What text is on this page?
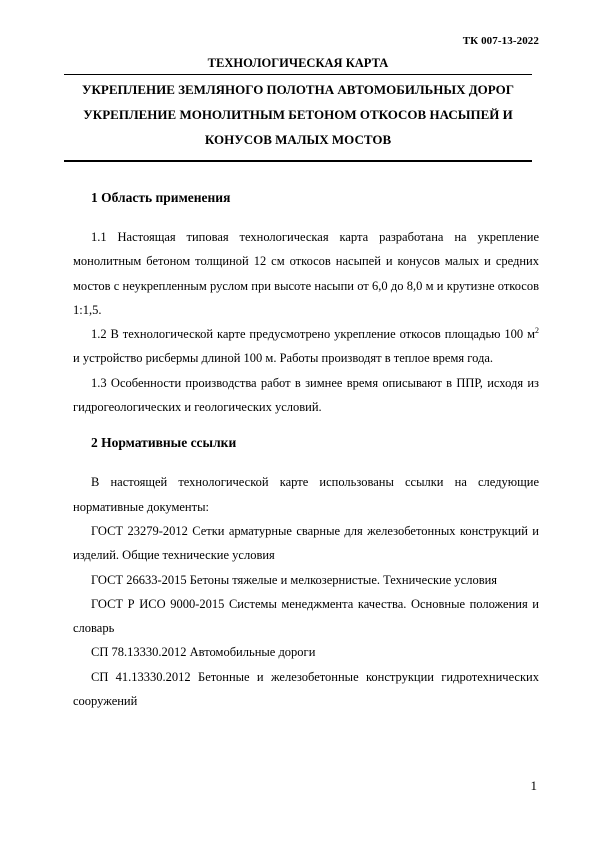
ТК 007-13-2022
ТЕХНОЛОГИЧЕСКАЯ КАРТА
УКРЕПЛЕНИЕ ЗЕМЛЯНОГО ПОЛОТНА АВТОМОБИЛЬНЫХ ДОРОГ
УКРЕПЛЕНИЕ МОНОЛИТНЫМ БЕТОНОМ ОТКОСОВ НАСЫПЕЙ И
КОНУСОВ МАЛЫХ МОСТОВ
1 Область применения

1.1 Настоящая типовая технологическая карта разработана на укрепление монолитным бетоном толщиной 12 см откосов насыпей и конусов малых и средних мостов с неукрепленным руслом при высоте насыпи от 6,0 до 8,0 м и крутизне откосов 1:1,5.

1.2 В технологической карте предусмотрено укрепление откосов площадью 100 $м^2$ и устройство рисбермы длиной 100 м. Работы производят в теплое время года.

1.3 Особенности производства работ в зимнее время описывают в ППР, исходя из гидрогеологических и геологических условий.

2 Нормативные ссылки

В настоящей технологической карте использованы ссылки на следующие нормативные документы:

ГОСТ 23279-2012 Сетки арматурные сварные для железобетонных конструкций и изделий. Общие технические условия

ГОСТ 26633-2015 Бетоны тяжелые и мелкозернистые. Технические условия

ГОСТ Р ИСО 9000-2015 Системы менеджмента качества. Основные положения и словарь

СП 78.13330.2012 Автомобильные дороги

СП 41.13330.2012 Бетонные и железобетонные конструкции гидротехнических сооружений

1
